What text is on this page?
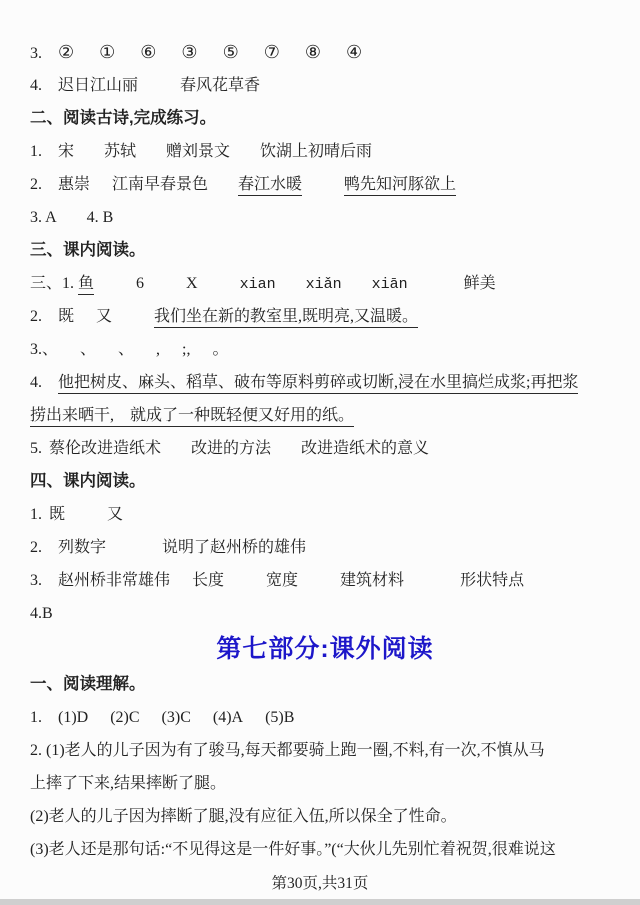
3. ② ① ⑥ ③ ⑤ ⑦ ⑧ ④

4. 迟日江山丽	春风花草香

二、阅读古诗,完成练习。

1. 宋 苏轼 赠刘景文 饮湖上初晴后雨

2. 惠崇 江南早春景色 春江水暖	鸭先知河豚欲上

3. A 4. B

三、课内阅读。

三、1. 鱼	6	X	xian xiǎn xiān	鲜美

2. 既 又	我们坐在新的教室里,既明亮,又温暖。

3.、 、 、 , ;, 。

4. 他把树皮、麻头、稻草、破布等原料剪碎或切断,浸在水里搞烂成浆;再把浆

捞出来晒干,　就成了一种既轻便又好用的纸。

5. 蔡伦改进造纸术 改进的方法 改进造纸术的意义

四、课内阅读。

1. 既	又

2. 列数字	说明了赵州桥的雄伟

3. 赵州桥非常雄伟 长度	宽度	建筑材料	形状特点

4.B

第七部分:课外阅读

一、阅读理解。

1. (1)D (2)C (3)C (4)A (5)B

2. (1)老人的儿子因为有了骏马,每天都要骑上跑一圈,不料,有一次,不慎从马

上摔了下来,结果摔断了腿。

(2)老人的儿子因为摔断了腿,没有应征入伍,所以保全了性命。

(3)老人还是那句话:“不见得这是一件好事。”(“大伙儿先别忙着祝贺,很难说这

第30页,共31页
